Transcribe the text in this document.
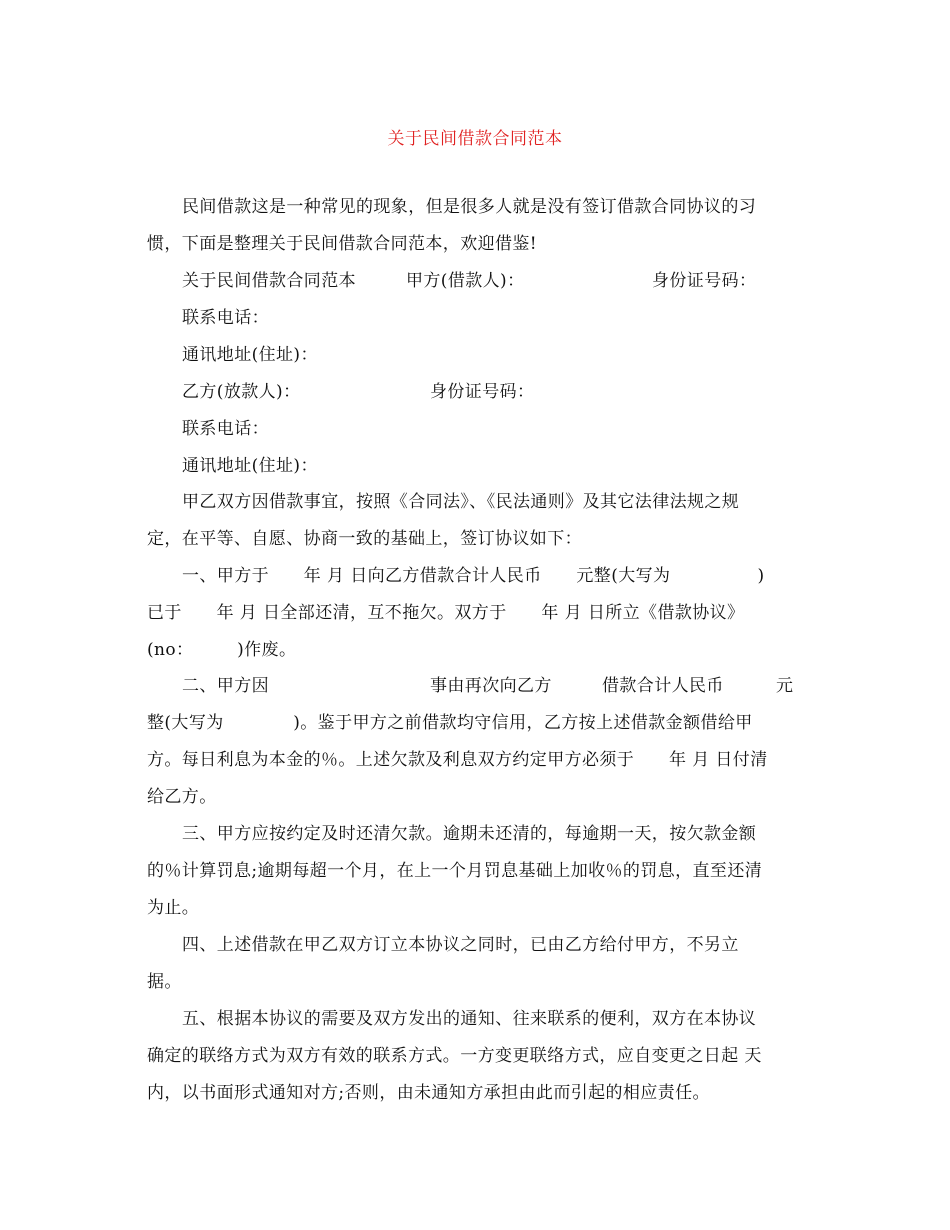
关于民间借款合同范本
民间借款这是一种常见的现象，但是很多人就是没有签订借款合同协议的习
惯，下面是整理关于民间借款合同范本，欢迎借鉴!
关于民间借款合同范本	甲方(借款人)：	身份证号码：
联系电话：
通讯地址(住址)：
乙方(放款人)：	身份证号码：
联系电话：
通讯地址(住址)：
甲乙双方因借款事宜，按照《合同法》、《民法通则》及其它法律法规之规
定，在平等、自愿、协商一致的基础上，签订协议如下：
一、甲方于　　年 月 日向乙方借款合计人民币　　元整(大写为　　　　　)
已于　　年 月 日全部还清，互不拖欠。双方于　　年 月 日所立《借款协议》
(no：　　　)作废。
二、甲方因	事由再次向乙方	借款合计人民币	元
整(大写为　　　　)。鉴于甲方之前借款均守信用，乙方按上述借款金额借给甲
方。每日利息为本金的％。上述欠款及利息双方约定甲方必须于　　年 月 日付清
给乙方。
三、甲方应按约定及时还清欠款。逾期未还清的，每逾期一天，按欠款金额
的％计算罚息;逾期每超一个月，在上一个月罚息基础上加收％的罚息，直至还清
为止。
四、上述借款在甲乙双方订立本协议之同时，已由乙方给付甲方，不另立
据。
五、根据本协议的需要及双方发出的通知、往来联系的便利，双方在本协议
确定的联络方式为双方有效的联系方式。一方变更联络方式，应自变更之日起 天
内，以书面形式通知对方;否则，由未通知方承担由此而引起的相应责任。
